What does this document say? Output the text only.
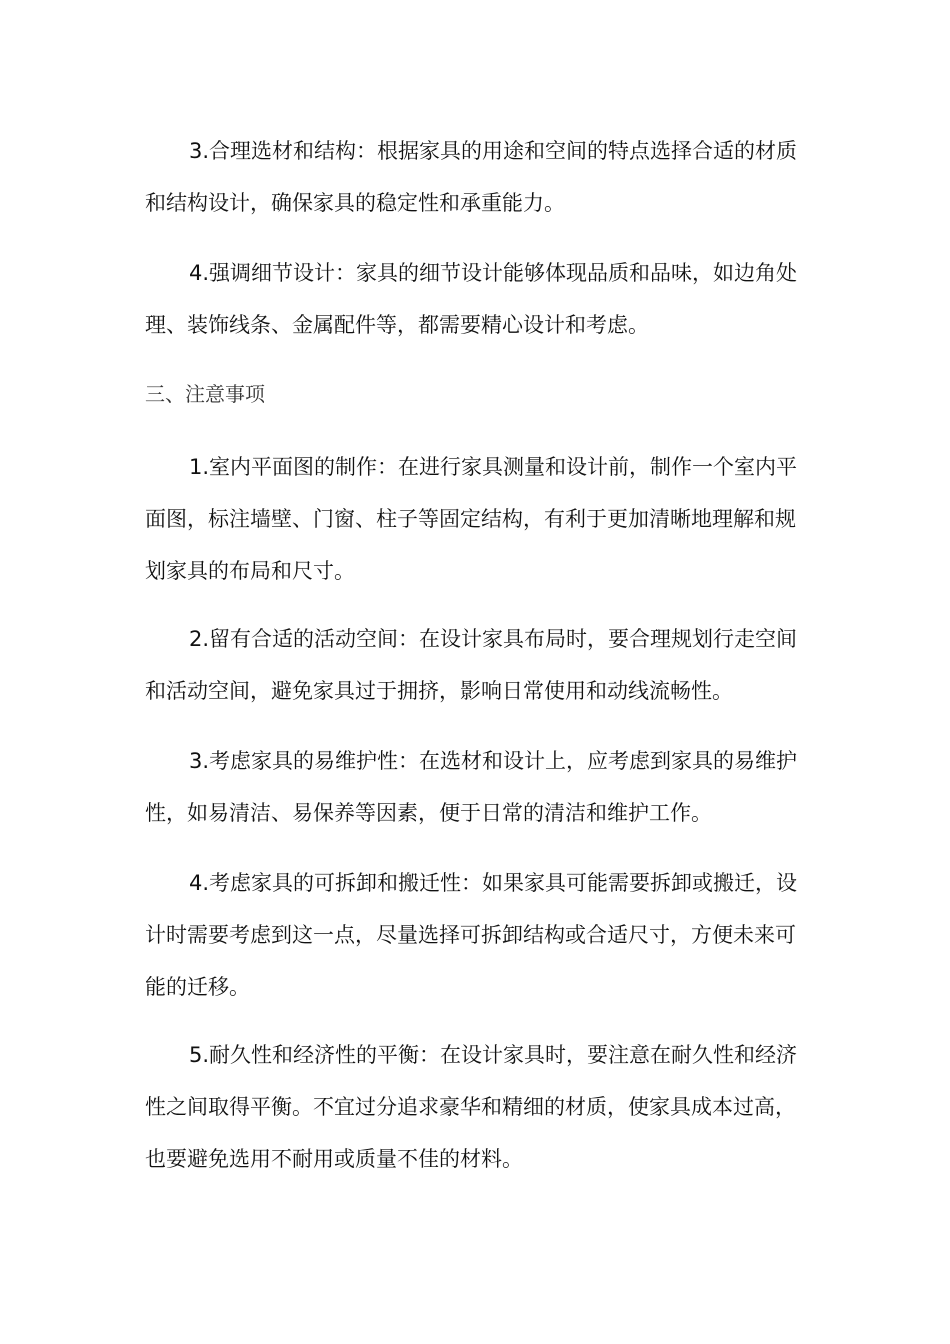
3.合理选材和结构：根据家具的用途和空间的特点选择合适的材质和结构设计，确保家具的稳定性和承重能力。

4.强调细节设计：家具的细节设计能够体现品质和品味，如边角处理、装饰线条、金属配件等，都需要精心设计和考虑。

三、注意事项

1.室内平面图的制作：在进行家具测量和设计前，制作一个室内平面图，标注墙壁、门窗、柱子等固定结构，有利于更加清晰地理解和规划家具的布局和尺寸。

2.留有合适的活动空间：在设计家具布局时，要合理规划行走空间和活动空间，避免家具过于拥挤，影响日常使用和动线流畅性。

3.考虑家具的易维护性：在选材和设计上，应考虑到家具的易维护性，如易清洁、易保养等因素，便于日常的清洁和维护工作。

4.考虑家具的可拆卸和搬迁性：如果家具可能需要拆卸或搬迁，设计时需要考虑到这一点，尽量选择可拆卸结构或合适尺寸，方便未来可能的迁移。

5.耐久性和经济性的平衡：在设计家具时，要注意在耐久性和经济性之间取得平衡。不宜过分追求豪华和精细的材质，使家具成本过高，也要避免选用不耐用或质量不佳的材料。
